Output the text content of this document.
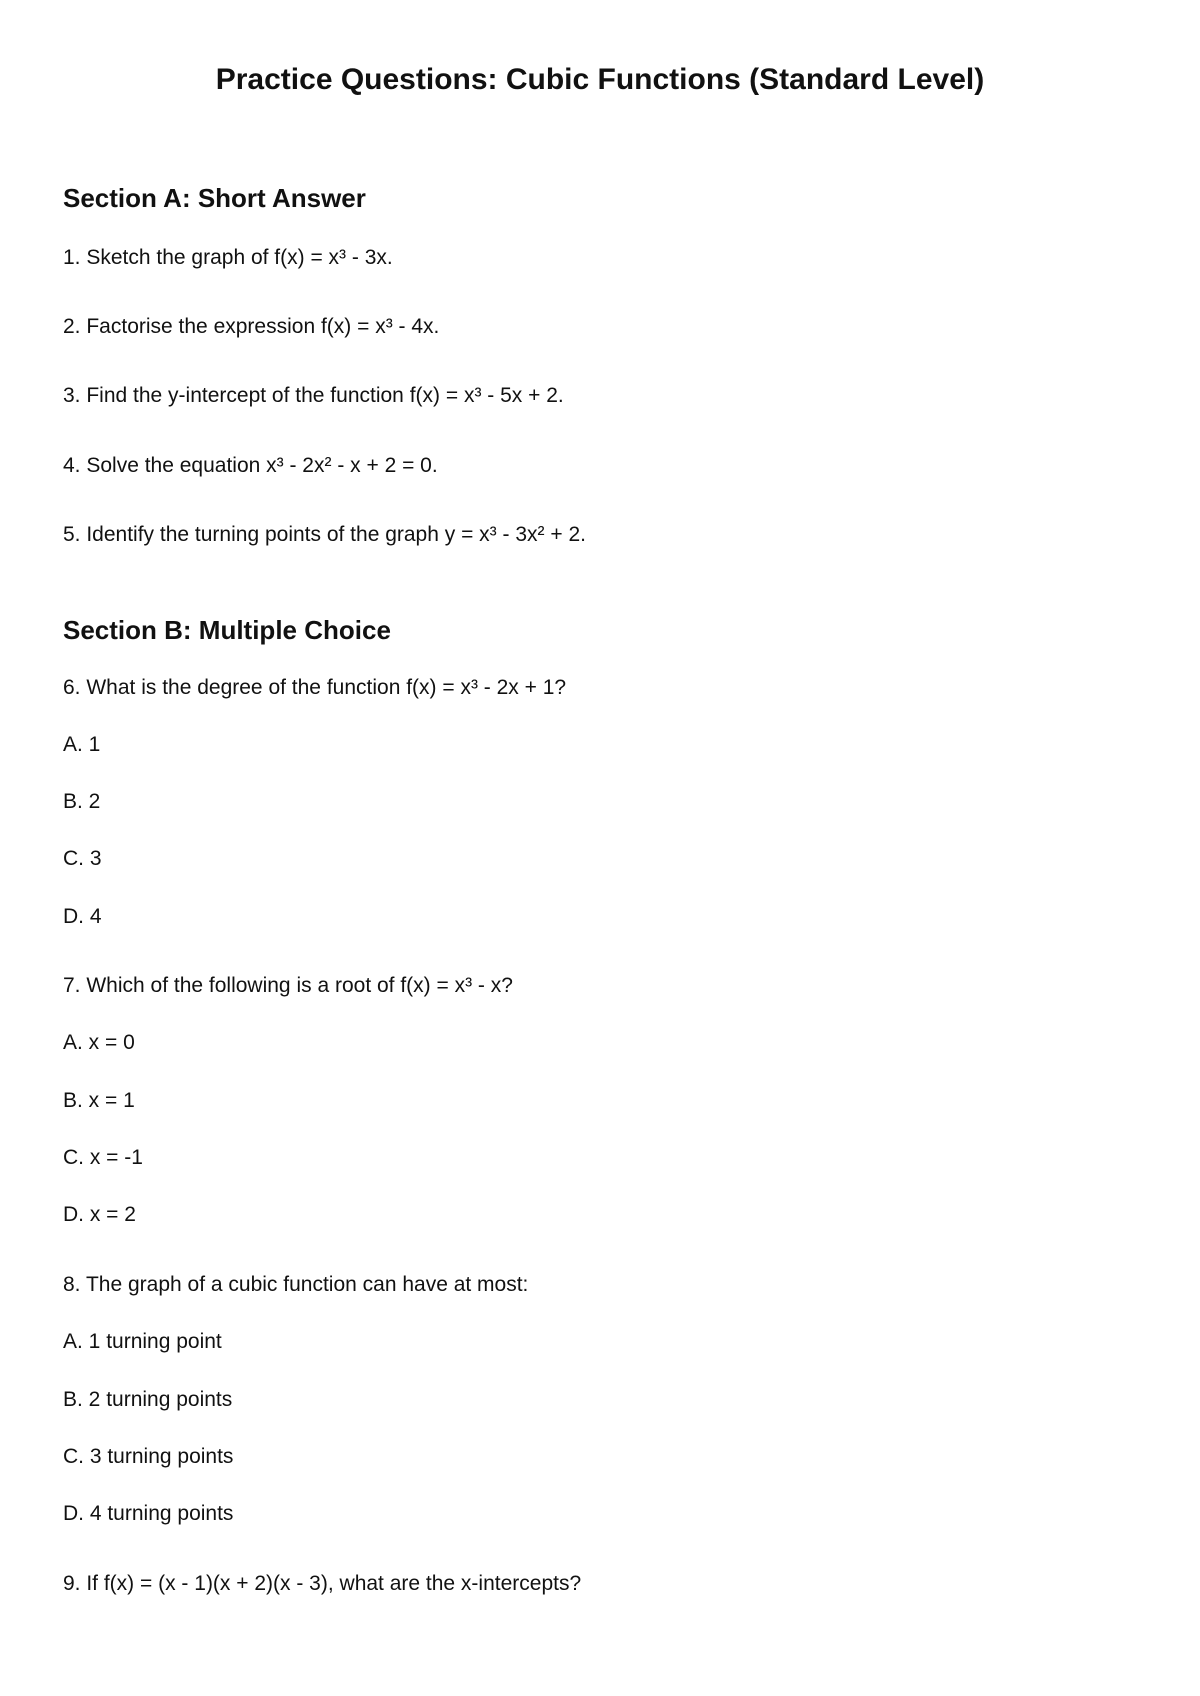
Practice Questions: Cubic Functions (Standard Level)
Section A: Short Answer

1. Sketch the graph of f(x) = x³ - 3x.

2. Factorise the expression f(x) = x³ - 4x.

3. Find the y-intercept of the function f(x) = x³ - 5x + 2.

4. Solve the equation x³ - 2x² - x + 2 = 0.

5. Identify the turning points of the graph y = x³ - 3x² + 2.

Section B: Multiple Choice

6. What is the degree of the function f(x) = x³ - 2x + 1?

A. 1

B. 2

C. 3

D. 4

7. Which of the following is a root of f(x) = x³ - x?

A. x = 0

B. x = 1

C. x = -1

D. x = 2

8. The graph of a cubic function can have at most:

A. 1 turning point

B. 2 turning points

C. 3 turning points

D. 4 turning points

9. If f(x) = (x - 1)(x + 2)(x - 3), what are the x-intercepts?
